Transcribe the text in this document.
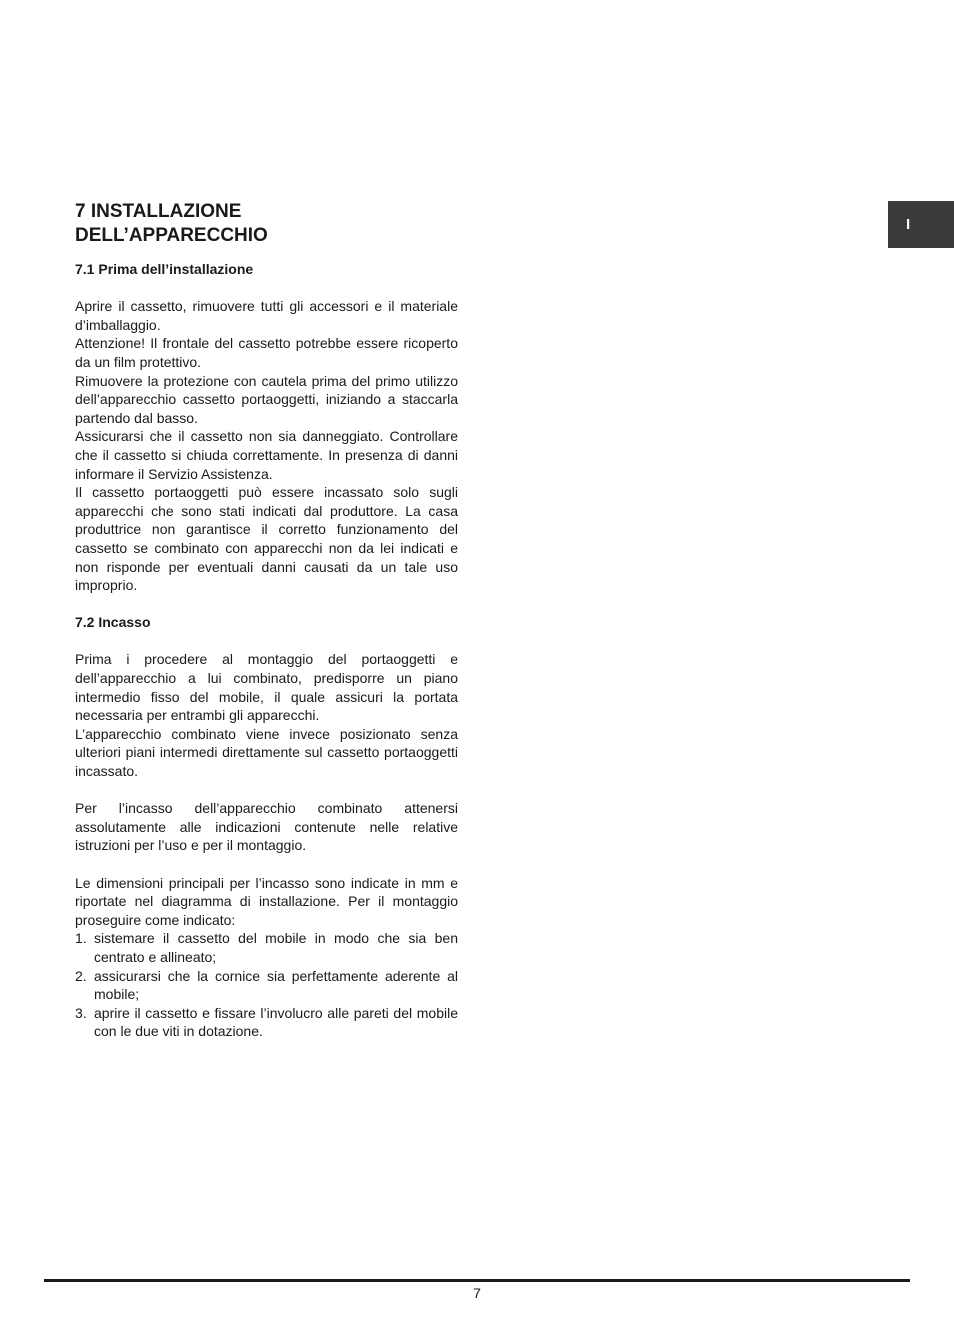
I
7 INSTALLAZIONE
DELL’APPARECCHIO
7.1 Prima dell’installazione

Aprire il cassetto, rimuovere tutti gli accessori e il materiale d’imballaggio.

Attenzione! Il frontale del cassetto potrebbe essere ricoperto da un film protettivo.

Rimuovere la protezione con cautela prima del primo utilizzo dell’apparecchio cassetto portaoggetti, iniziando a staccarla partendo dal basso.

Assicurarsi che il cassetto non sia danneggiato. Controllare che il cassetto si chiuda correttamente. In presenza di danni informare il Servizio Assistenza.

Il cassetto portaoggetti può essere incassato solo sugli apparecchi che sono stati indicati dal produttore. La casa produttrice non garantisce il corretto funzionamento del cassetto se combinato con apparecchi non da lei indicati e non risponde per eventuali danni causati da un tale uso improprio.

7.2 Incasso

Prima i procedere al montaggio del portaoggetti e dell’apparecchio a lui combinato, predisporre un piano intermedio fisso del mobile, il quale assicuri la portata necessaria per entrambi gli apparecchi.

L’apparecchio combinato viene invece posizionato senza ulteriori piani intermedi direttamente sul cassetto portaoggetti incassato.

Per l’incasso dell’apparecchio combinato attenersi assolutamente alle indicazioni contenute nelle relative istruzioni per l’uso e per il montaggio.

Le dimensioni principali per l’incasso sono indicate in mm e riportate nel diagramma di installazione. Per il montaggio proseguire come indicato:

1. sistemare il cassetto del mobile in modo che sia ben centrato e allineato;
2. assicurarsi che la cornice sia perfettamente aderente al mobile;
3. aprire il cassetto e fissare l’involucro alle pareti del mobile con le due viti in dotazione.
7
